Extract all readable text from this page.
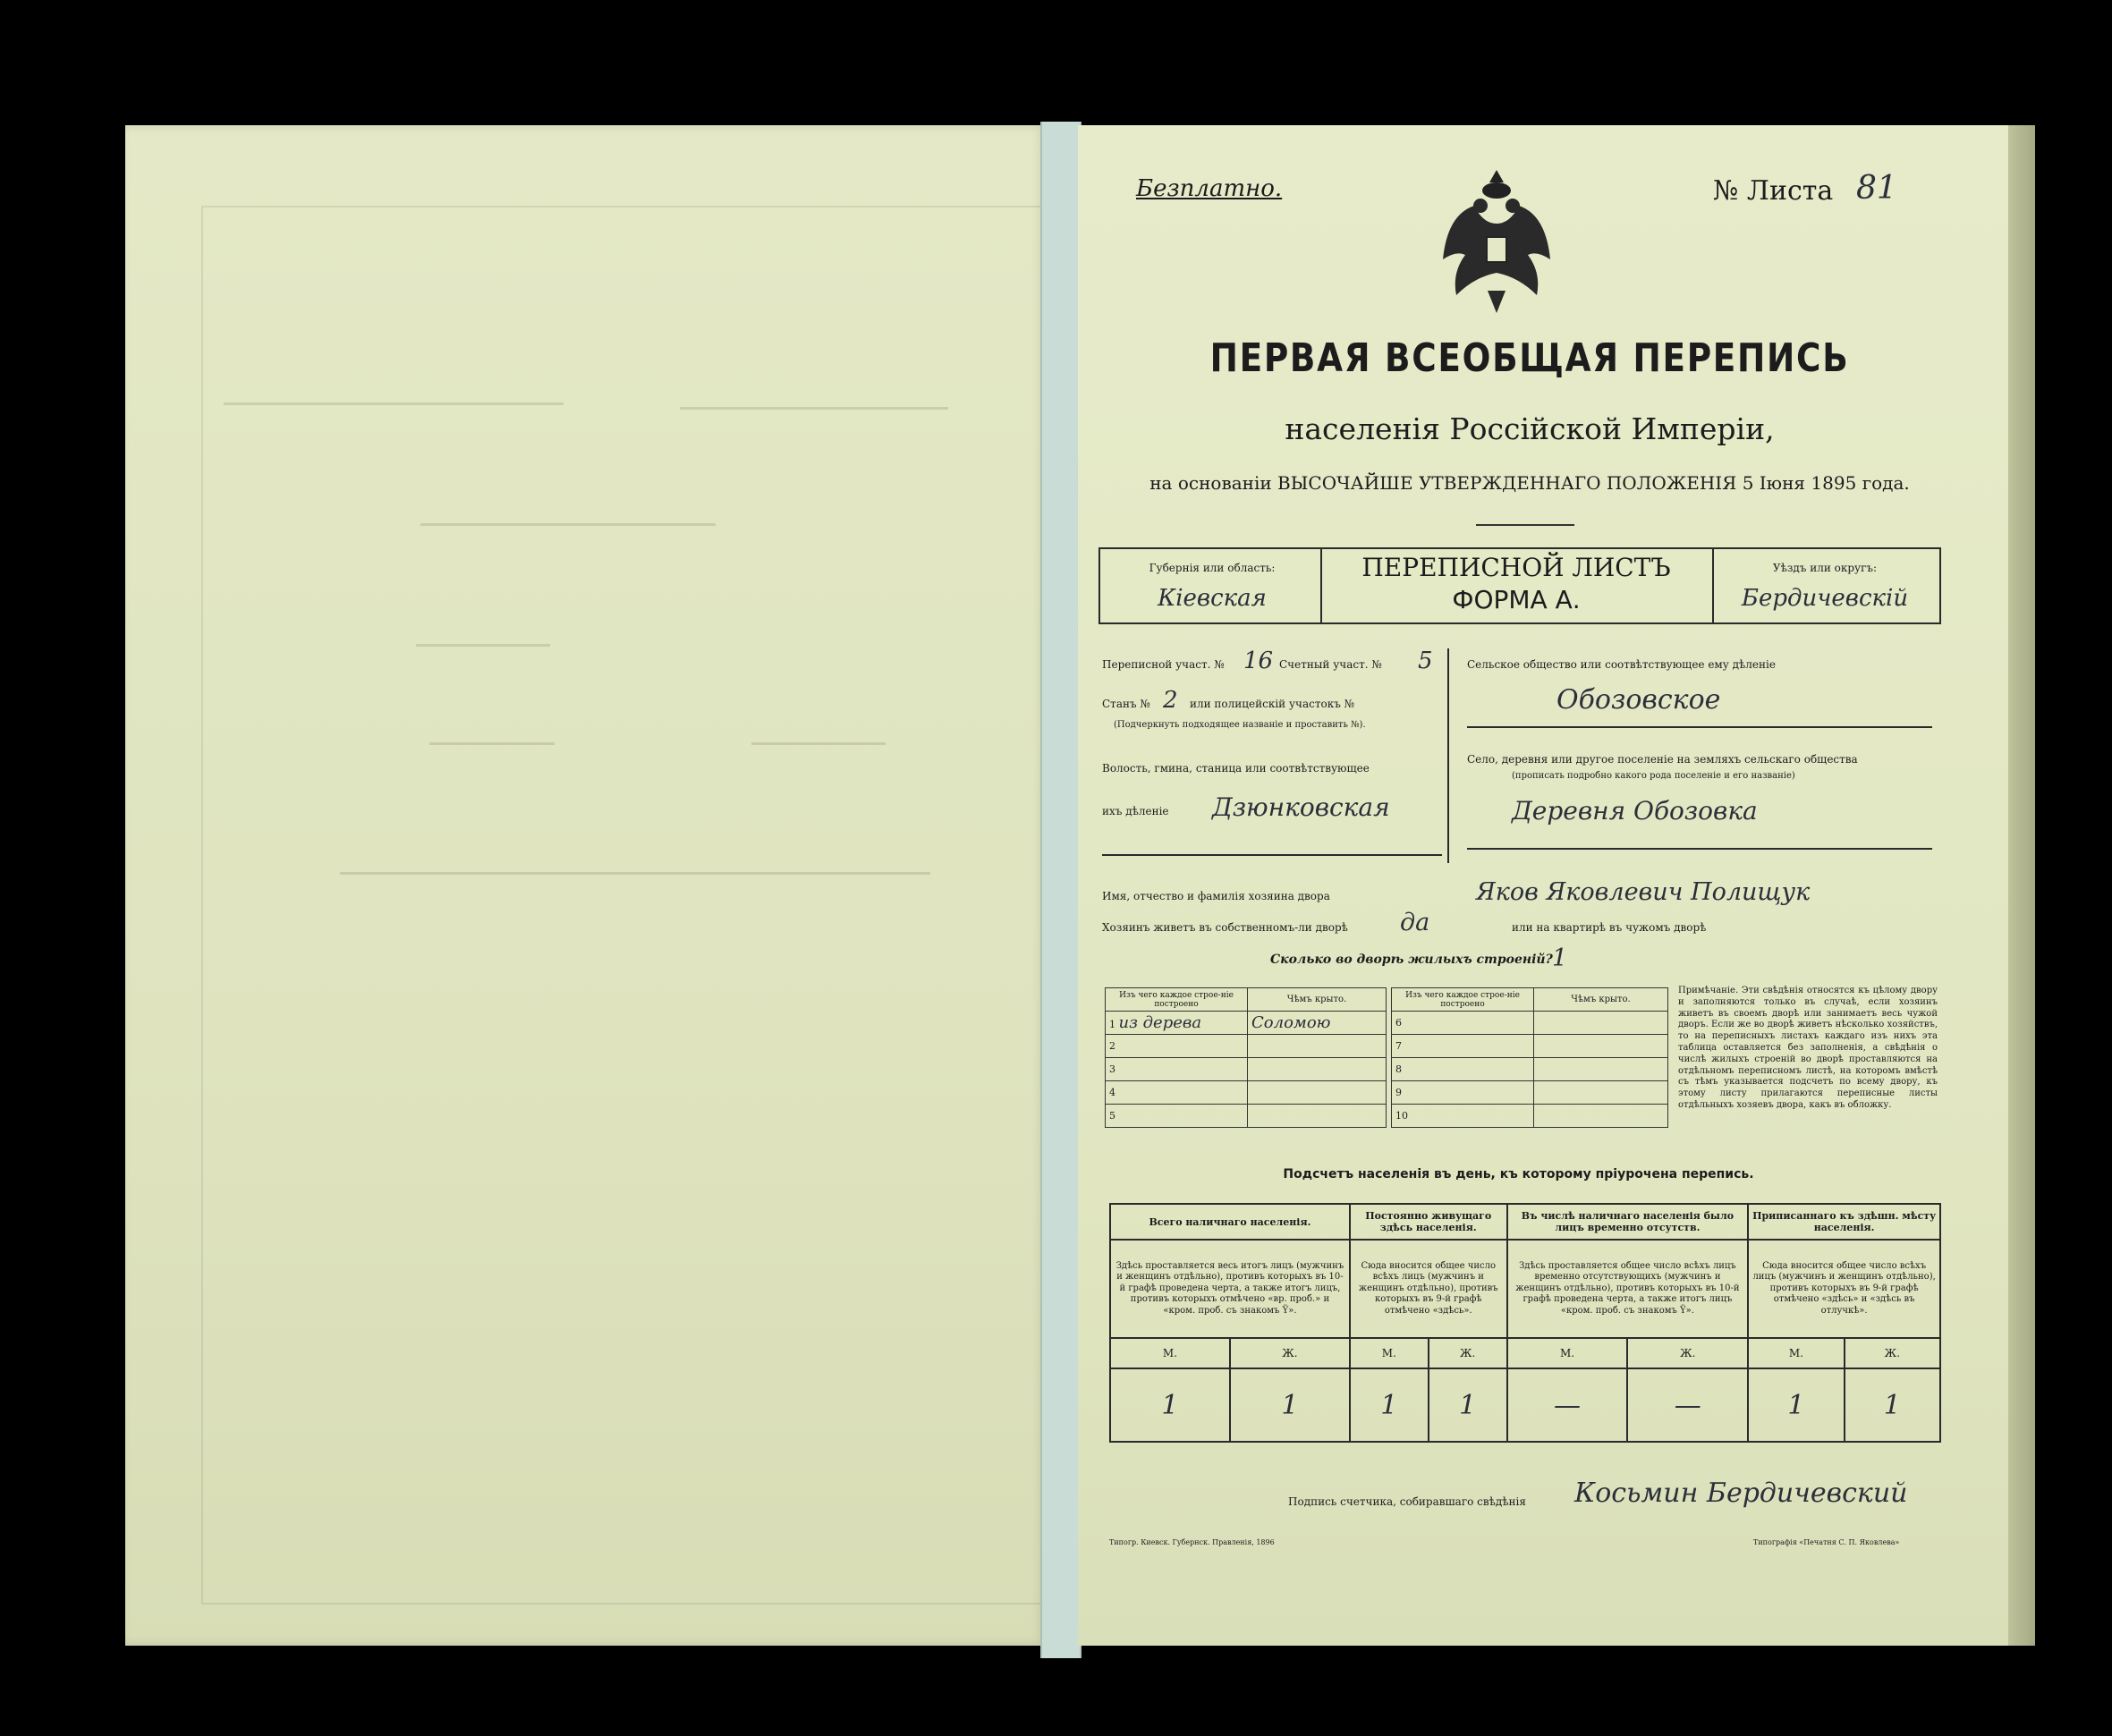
Безплатно.	№ Листа 81
ПЕРВАЯ ВСЕОБЩАЯ ПЕРЕПИСЬ
населенія Россійской Имперіи,
на основаніи ВЫСОЧАЙШЕ УТВЕРЖДЕННАГО ПОЛОЖЕНІЯ 5 Іюня 1895 года.
Губернія или область:
Кіевская
ПЕРЕПИСНОЙ ЛИСТЪ
ФОРМА А.
Уѣздъ или округъ:
Бердичевскій
Переписной участ. № 16 Счетный участ. № 5
Станъ № 2 или полицейскій участокъ №
(Подчеркнуть подходящее названіе и проставить №).
Волость, гмина, станица или соотвѣтствующее
ихъ дѣленіе Дзюнковская
Сельское общество или соотвѣтствующее ему дѣленіе
Обозовское
Село, деревня или другое поселеніе на земляхъ сельскаго общества
(прописать подробно какого рода поселеніе и его названіе)
Деревня Обозовка
Имя, отчество и фамилія хозяина двора	Яков Яковлевич Полищук
Хозяинъ живетъ въ собственномъ-ли дворѣ да	или на квартирѣ въ чужомъ дворѣ
Сколько во дворѣ жилыхъ строеній? 1
Изъ чего каждое строе-ніе построено	Чѣмъ крыто.
1 из дерева	Соломою
2	
3	
4	
5	
Изъ чего каждое строе-ніе построено	Чѣмъ крыто.
6	
7	
8	
9	
10	
Примѣчаніе. Эти свѣдѣнія относятся къ цѣлому двору и заполняются только въ случаѣ, если хозяинъ живетъ въ своемъ дворѣ или занимаетъ весь чужой дворъ. Если же во дворѣ живетъ нѣсколько хозяйствъ, то на переписныхъ листахъ каждаго изъ нихъ эта таблица оставляется без заполненія, а свѣдѣнія о числѣ жилыхъ строеній во дворѣ проставляются на отдѣльномъ переписномъ листѣ, на которомъ вмѣстѣ съ тѣмъ указывается подсчетъ по всему двору, къ этому листу прилагаются переписные листы отдѣльныхъ хозяевъ двора, какъ въ обложку.
Подсчетъ населенія въ день, къ которому пріурочена перепись.
Всего наличнаго населенія.		Постоянно живущаго здѣсь населенія.		Въ числѣ наличнаго населенія было лицъ временно отсутств.		Приписаннаго къ здѣшн. мѣсту населенія.	
Здѣсь проставляется весь итогъ лицъ (мужчинъ и женщинъ отдѣльно), противъ которыхъ въ 10-й графѣ проведена черта, а также итогъ лицъ, противъ которыхъ отмѣчено «вр. проб.» и «кром. проб. съ знакомъ Ÿ».		Сюда вносится общее число всѣхъ лицъ (мужчинъ и женщинъ отдѣльно), противъ которыхъ въ 9-й графѣ отмѣчено «здѣсь».		Здѣсь проставляется общее число всѣхъ лицъ временно отсутствующихъ (мужчинъ и женщинъ отдѣльно), противъ которыхъ въ 10-й графѣ проведена черта, а также итогъ лицъ «кром. проб. съ знакомъ Ÿ».		Сюда вносится общее число всѣхъ лицъ (мужчинъ и женщинъ отдѣльно), противъ которыхъ въ 9-й графѣ отмѣчено «здѣсь» и «здѣсь въ отлучкѣ».	
М.	Ж.	М.	Ж.	М.	Ж.	М.	Ж.
1	1	1	1	—	—	1	1
Подпись счетчика, собиравшаго свѣдѣнія Косьмин Бердичевский
Типогр. Киевск. Губернск. Правленія, 1896	Типографія «Печатня С. П. Яковлева»
